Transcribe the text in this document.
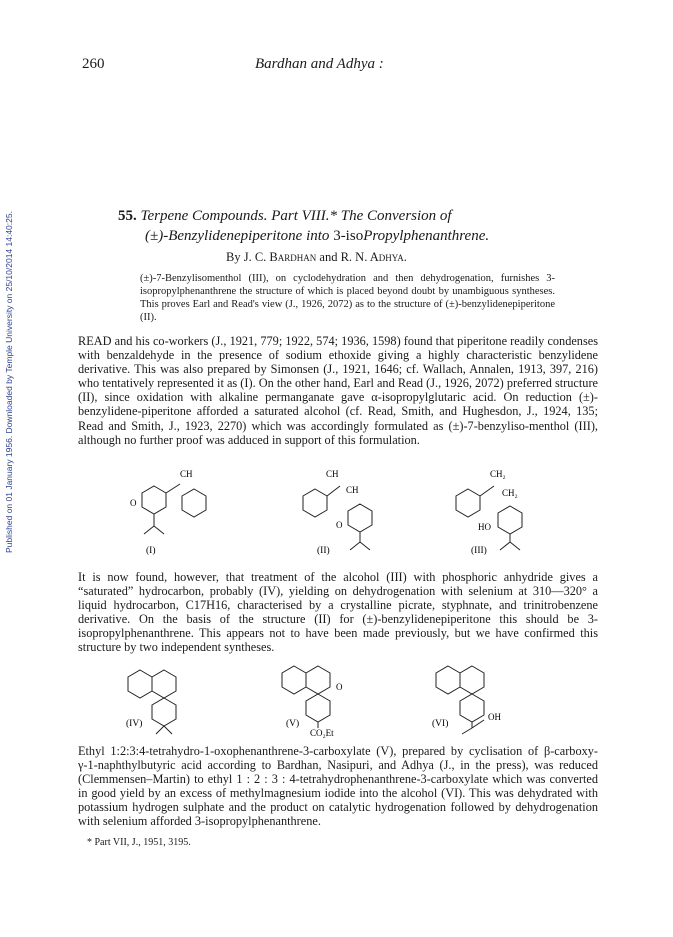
260	Bardhan and Adhya :
Published on 01 January 1956. Downloaded by Temple University on 25/10/2014 14:40:25.	55. Terpene Compounds. Part VIII.* The Conversion of
(±)-Benzylidenepiperitone into 3-isoPropylphenanthrene.
By J. C. Bardhan and R. N. Adhya.
(±)-7-Benzylisomenthol (III), on cyclodehydration and then dehydrogenation, furnishes 3-isopropylphenanthrene the structure of which is placed beyond doubt by unambiguous syntheses. This proves Earl and Read's view (J., 1926, 2072) as to the structure of (±)-benzylidenepiperitone (II).

READ and his co-workers (J., 1921, 779; 1922, 574; 1936, 1598) found that piperitone readily condenses with benzaldehyde in the presence of sodium ethoxide giving a highly characteristic benzylidene derivative. This was also prepared by Simonsen (J., 1921, 1646; cf. Wallach, Annalen, 1913, 397, 216) who tentatively represented it as (I). On the other hand, Earl and Read (J., 1926, 2072) preferred structure (II), since oxidation with alkaline permanganate gave α-isopropylglutaric acid. On reduction (±)-benzylidene-piperitone afforded a saturated alcohol (cf. Read, Smith, and Hughesdon, J., 1924, 135; Read and Smith, J., 1923, 2270) which was accordingly formulated as (±)-7-benzyliso-menthol (III), although no further proof was adduced in support of this formulation.

CH
O
(I)
CH
CH
O
(II)
CH₂
CH₂
HO
(III)

It is now found, however, that treatment of the alcohol (III) with phosphoric anhydride gives a “saturated” hydrocarbon, probably (IV), yielding on dehydrogenation with selenium at 310—320° a liquid hydrocarbon, C17H16, characterised by a crystalline picrate, styphnate, and trinitrobenzene derivative. On the basis of the structure (II) for (±)-benzylidenepiperitone this should be 3-isopropylphenanthrene. This appears not to have been made previously, but we have confirmed this structure by two independent syntheses.

(IV)
O
CO₂Et
(V)
OH
(VI)

Ethyl 1:2:3:4-tetrahydro-1-oxophenanthrene-3-carboxylate (V), prepared by cyclisation of β-carboxy-γ-1-naphthylbutyric acid according to Bardhan, Nasipuri, and Adhya (J., in the press), was reduced (Clemmensen–Martin) to ethyl 1 : 2 : 3 : 4-tetrahydrophenanthrene-3-carboxylate which was converted in good yield by an excess of methylmagnesium iodide into the alcohol (VI). This was dehydrated with potassium hydrogen sulphate and the product on catalytic hydrogenation followed by dehydrogenation with selenium afforded 3-isopropylphenanthrene.

* Part VII, J., 1951, 3195.
